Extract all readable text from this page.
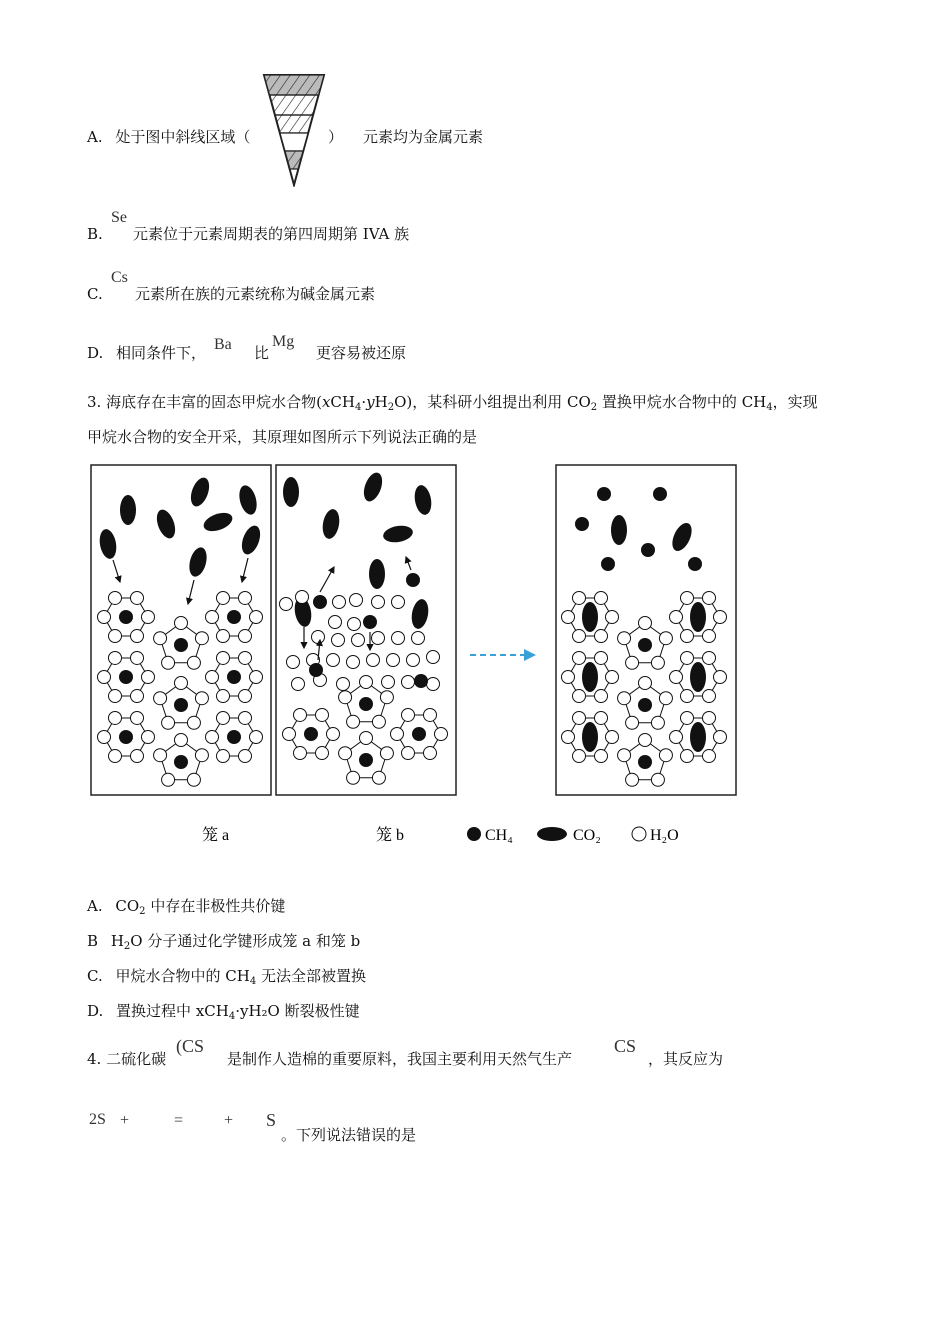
A. 处于图中斜线区域（	） 元素均为金属元素
B.
Se
元素位于元素周期表的第四周期第 IVA 族
C.
Cs
元素所在族的元素统称为碱金属元素
D. 相同条件下， Ba 比
Mg
更容易被还原
3. 海底存在丰富的固态甲烷水合物$(xCH_4\cdot yH_2O)$，某科研小组提出利用 $CO_2$ 置换甲烷水合物中的 $CH_4$，实现
甲烷水合物的安全开采，其原理如图所示下列说法正确的是
笼 a	笼 b	CH₄	CO₂	H₂O
A. $CO_2$ 中存在非极性共价键
B $H_2O$ 分子通过化学键形成笼 a 和笼 b
C. 甲烷水合物中的 $CH_4$ 无法全部被置换
D. 置换过程中 xCH$_4$·yH₂O 断裂极性键
4. 二硫化碳
(CS
是制作人造棉的重要原料，我国主要利用天然气生产
CS
，其反应为
2S +	=	+ S
。下列说法错误的是
